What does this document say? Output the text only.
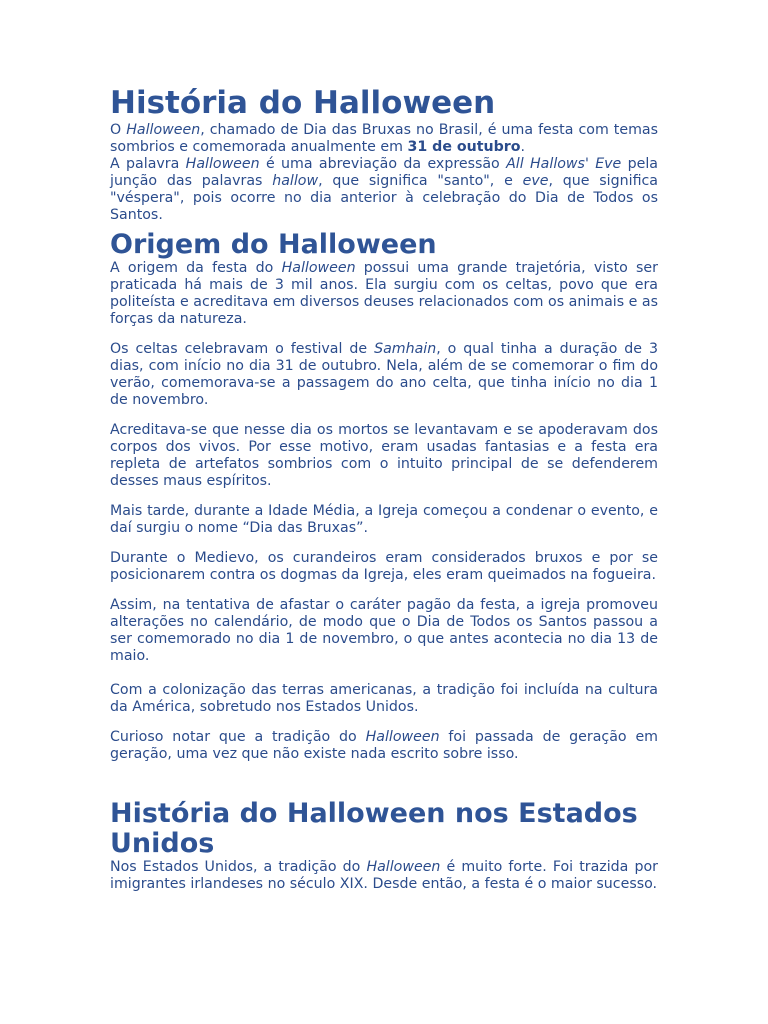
História do Halloween

O Halloween, chamado de Dia das Bruxas no Brasil, é uma festa com temas sombrios e comemorada anualmente em 31 de outubro.

A palavra Halloween é uma abreviação da expressão All Hallows' Eve pela junção das palavras hallow, que significa "santo", e eve, que significa "véspera", pois ocorre no dia anterior à celebração do Dia de Todos os Santos.

Origem do Halloween

A origem da festa do Halloween possui uma grande trajetória, visto ser praticada há mais de 3 mil anos. Ela surgiu com os celtas, povo que era politeísta e acreditava em diversos deuses relacionados com os animais e as forças da natureza.

Os celtas celebravam o festival de Samhain, o qual tinha a duração de 3 dias, com início no dia 31 de outubro. Nela, além de se comemorar o fim do verão, comemorava-se a passagem do ano celta, que tinha início no dia 1 de novembro.

Acreditava-se que nesse dia os mortos se levantavam e se apoderavam dos corpos dos vivos. Por esse motivo, eram usadas fantasias e a festa era repleta de artefatos sombrios com o intuito principal de se defenderem desses maus espíritos.

Mais tarde, durante a Idade Média, a Igreja começou a condenar o evento, e daí surgiu o nome “Dia das Bruxas”.

Durante o Medievo, os curandeiros eram considerados bruxos e por se posicionarem contra os dogmas da Igreja, eles eram queimados na fogueira.

Assim, na tentativa de afastar o caráter pagão da festa, a igreja promoveu alterações no calendário, de modo que o Dia de Todos os Santos passou a ser comemorado no dia 1 de novembro, o que antes acontecia no dia 13 de maio.

Com a colonização das terras americanas, a tradição foi incluída na cultura da América, sobretudo nos Estados Unidos.

Curioso notar que a tradição do Halloween foi passada de geração em geração, uma vez que não existe nada escrito sobre isso.

História do Halloween nos Estados Unidos

Nos Estados Unidos, a tradição do Halloween é muito forte. Foi trazida por imigrantes irlandeses no século XIX. Desde então, a festa é o maior sucesso.
